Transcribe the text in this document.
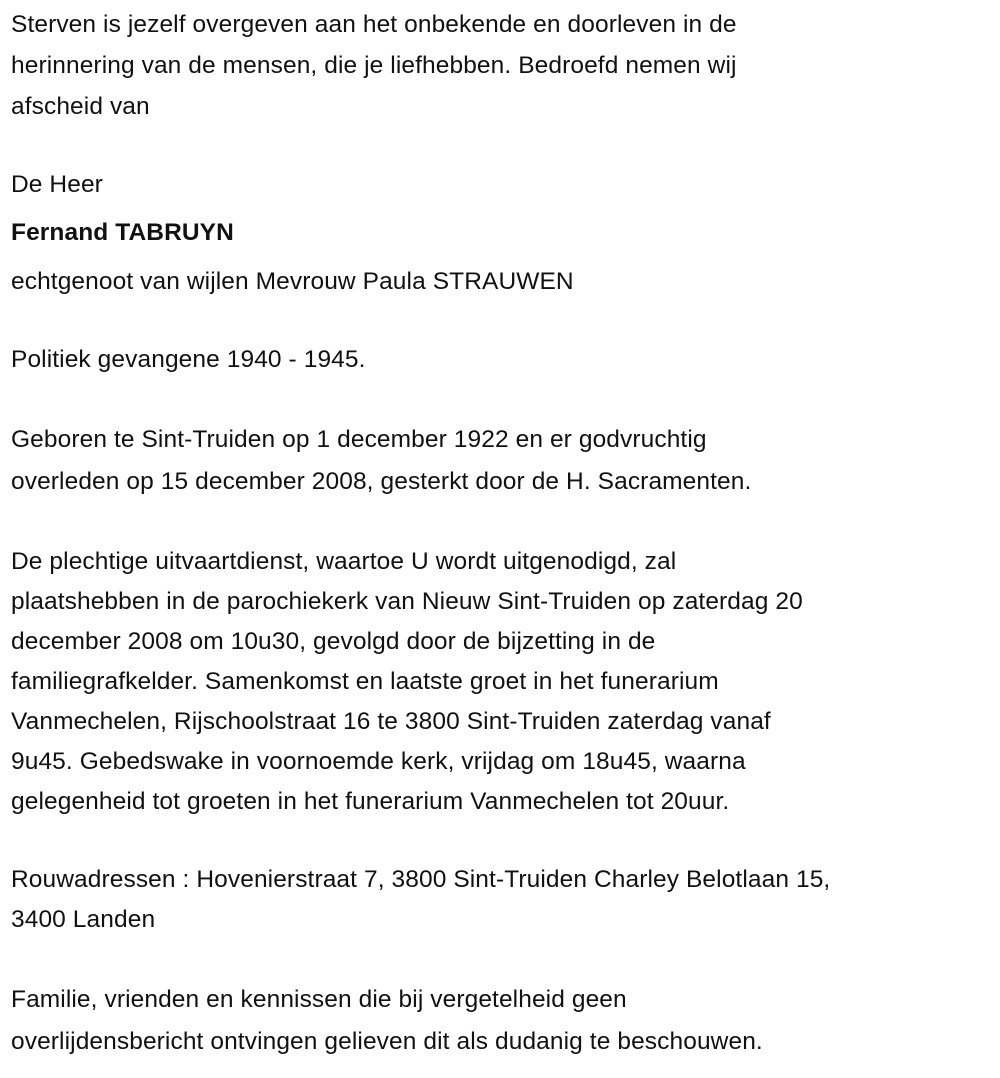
Sterven is jezelf overgeven aan het onbekende en doorleven in de
herinnering van de mensen, die je liefhebben. Bedroefd nemen wij
afscheid van
De Heer
Fernand TABRUYN
echtgenoot van wijlen Mevrouw Paula STRAUWEN
Politiek gevangene 1940 - 1945.
Geboren te Sint-Truiden op 1 december 1922 en er godvruchtig
overleden op 15 december 2008, gesterkt door de H. Sacramenten.
De plechtige uitvaartdienst, waartoe U wordt uitgenodigd, zal
plaatshebben in de parochiekerk van Nieuw Sint-Truiden op zaterdag 20
december 2008 om 10u30, gevolgd door de bijzetting in de
familiegrafkelder. Samenkomst en laatste groet in het funerarium
Vanmechelen, Rijschoolstraat 16 te 3800 Sint-Truiden zaterdag vanaf
9u45. Gebedswake in voornoemde kerk, vrijdag om 18u45, waarna
gelegenheid tot groeten in het funerarium Vanmechelen tot 20uur.
Rouwadressen : Hovenierstraat 7, 3800 Sint-Truiden Charley Belotlaan 15,
3400 Landen
Familie, vrienden en kennissen die bij vergetelheid geen
overlijdensbericht ontvingen gelieven dit als dudanig te beschouwen.
